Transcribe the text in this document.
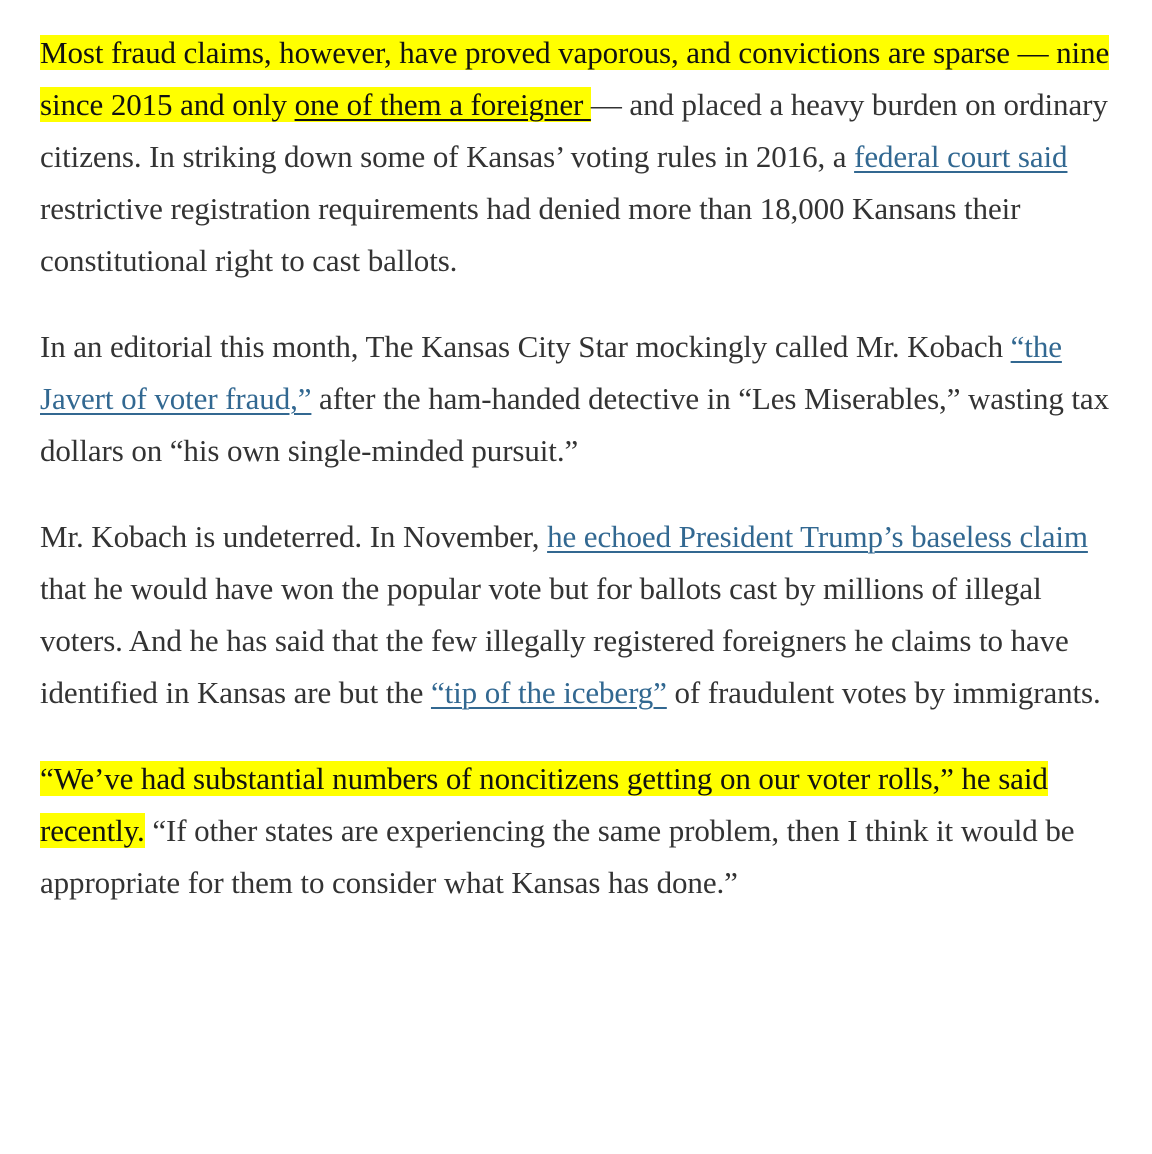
Most fraud claims, however, have proved vaporous, and convictions are sparse — nine since 2015 and only one of them a foreigner — and placed a heavy burden on ordinary citizens. In striking down some of Kansas’ voting rules in 2016, a federal court said restrictive registration requirements had denied more than 18,000 Kansans their constitutional right to cast ballots.

In an editorial this month, The Kansas City Star mockingly called Mr. Kobach “the Javert of voter fraud,” after the ham-handed detective in “Les Miserables,” wasting tax dollars on “his own single-minded pursuit.”

Mr. Kobach is undeterred. In November, he echoed President Trump’s baseless claim that he would have won the popular vote but for ballots cast by millions of illegal voters. And he has said that the few illegally registered foreigners he claims to have identified in Kansas are but the “tip of the iceberg” of fraudulent votes by immigrants.

“We’ve had substantial numbers of noncitizens getting on our voter rolls,” he said recently. “If other states are experiencing the same problem, then I think it would be appropriate for them to consider what Kansas has done.”
